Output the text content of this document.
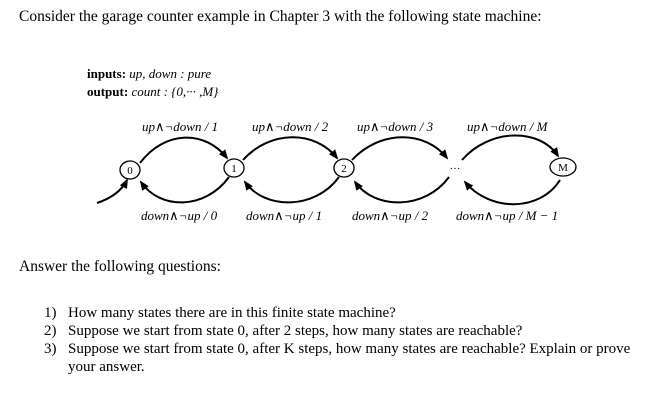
Consider the garage counter example in Chapter 3 with the following state machine:
inputs: up, down : pure
output: count : {0,··· ,M}
0	1	2	···	M
up∧¬down / 1	up∧¬down / 2 up∧¬down / 3	up∧¬down / M
down∧¬up / 0 down∧¬up / 1 down∧¬up / 2 down∧¬up / M − 1
Answer the following questions:
1) How many states there are in this finite state machine?
2) Suppose we start from state 0, after 2 steps, how many states are reachable?
3) Suppose we start from state 0, after K steps, how many states are reachable? Explain or prove your answer.
